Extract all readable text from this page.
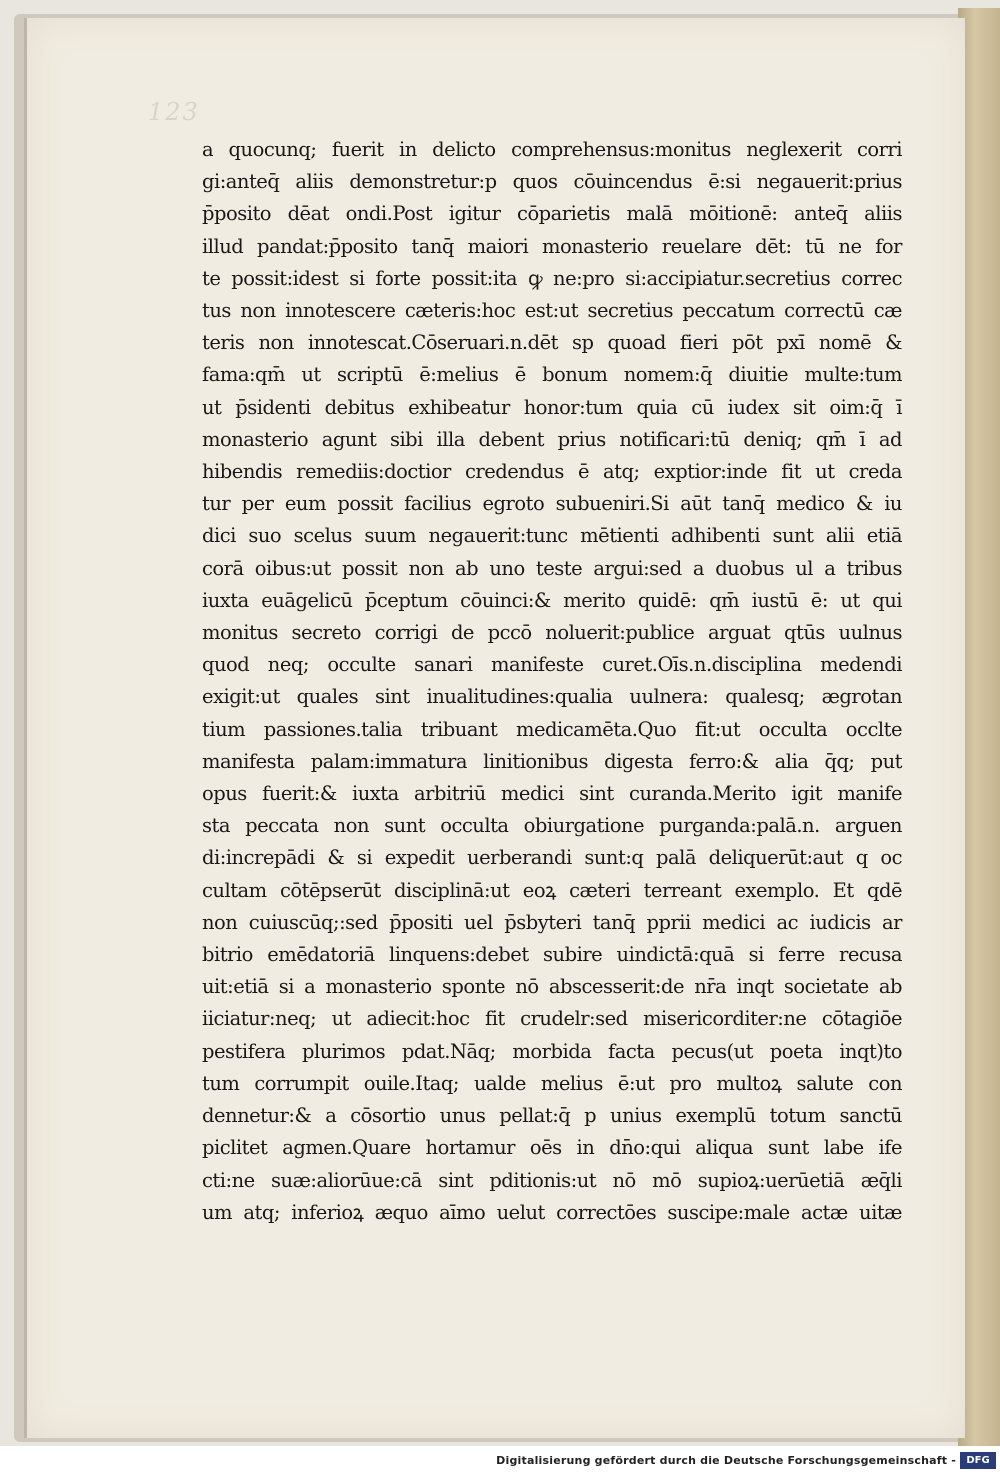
123
a quocunq; fuerit in delicto comprehensus:monitus neglexerit corri
gi:anteq̄ aliis demonstretur:p quos cōuincendus ē:si negauerit:prius
p̄posito dēat ondi.Post igitur cōparietis malā mōitionē: anteq̄ aliis
illud pandat:p̄posito tanq̄ maiori monasterio reuelare dēt: tū ne for
te possit:idest si forte possit:ita ꝙ ne:pro si:accipiatur.secretius correc
tus non innotescere cæteris:hoc est:ut secretius peccatum correctū cæ
teris non innotescat.Cōseruari.n.dēt sp quoad fieri pōt pxī nomē &
fama:qm̄ ut scriptū ē:melius ē bonum nomem:q̄ diuitie multe:tum
ut p̄sidenti debitus exhibeatur honor:tum quia cū iudex sit oim:q̄ ī
monasterio agunt sibi illa debent prius notificari:tū deniq; qm̄ ī ad
hibendis remediis:doctior credendus ē atq; exptior:inde fit ut creda
tur per eum possit facilius egroto subueniri.Si aūt tanq̄ medico & iu
dici suo scelus suum negauerit:tunc mētienti adhibenti sunt alii etiā
corā oibus:ut possit non ab uno teste argui:sed a duobus ul a tribus
iuxta euāgelicū p̄ceptum cōuinci:& merito quidē: qm̄ iustū ē: ut qui
monitus secreto corrigi de pccō noluerit:publice arguat qtūs uulnus
quod neq; occulte sanari manifeste curet.Oīs.n.disciplina medendi
exigit:ut quales sint inualitudines:qualia uulnera: qualesq; ægrotan
tium passiones.talia tribuant medicamēta.Quo fit:ut occulta occlte
manifesta palam:immatura linitionibus digesta ferro:& alia q̄q; put
opus fuerit:& iuxta arbitriū medici sint curanda.Merito igit manife
sta peccata non sunt occulta obiurgatione purganda:palā.n. arguen
di:increpādi & si expedit uerberandi sunt:q palā deliquerūt:aut q oc
cultam cōtēpserūt disciplinā:ut eoꝝ cæteri terreant exemplo. Et qdē
non cuiuscūq;:sed p̄positi uel p̄sbyteri tanq̄ pprii medici ac iudicis ar
bitrio emēdatoriā linquens:debet subire uindictā:quā si ferre recusa
uit:etiā si a monasterio sponte nō abscesserit:de nr̄a inqt societate ab
iiciatur:neq; ut adiecit:hoc fit crudelr:sed misericorditer:ne cōtagiōe
pestifera plurimos pdat.Nāq; morbida facta pecus(ut poeta inqt)to
tum corrumpit ouile.Itaq; ualde melius ē:ut pro multoꝝ salute con
dennetur:& a cōsortio unus pellat:q̄ p unius exemplū totum sanctū
piclitet agmen.Quare hortamur oēs in dn̄o:qui aliqua sunt labe ife
cti:ne suæ:aliorūue:cā sint pditionis:ut nō mō supioꝝ:uerūetiā æq̄li
um atq; inferioꝝ æquo aīmo uelut correctōes suscipe:male actæ uitæ
Digitalisierung gefördert durch die Deutsche Forschungsgemeinschaft -	DFG
